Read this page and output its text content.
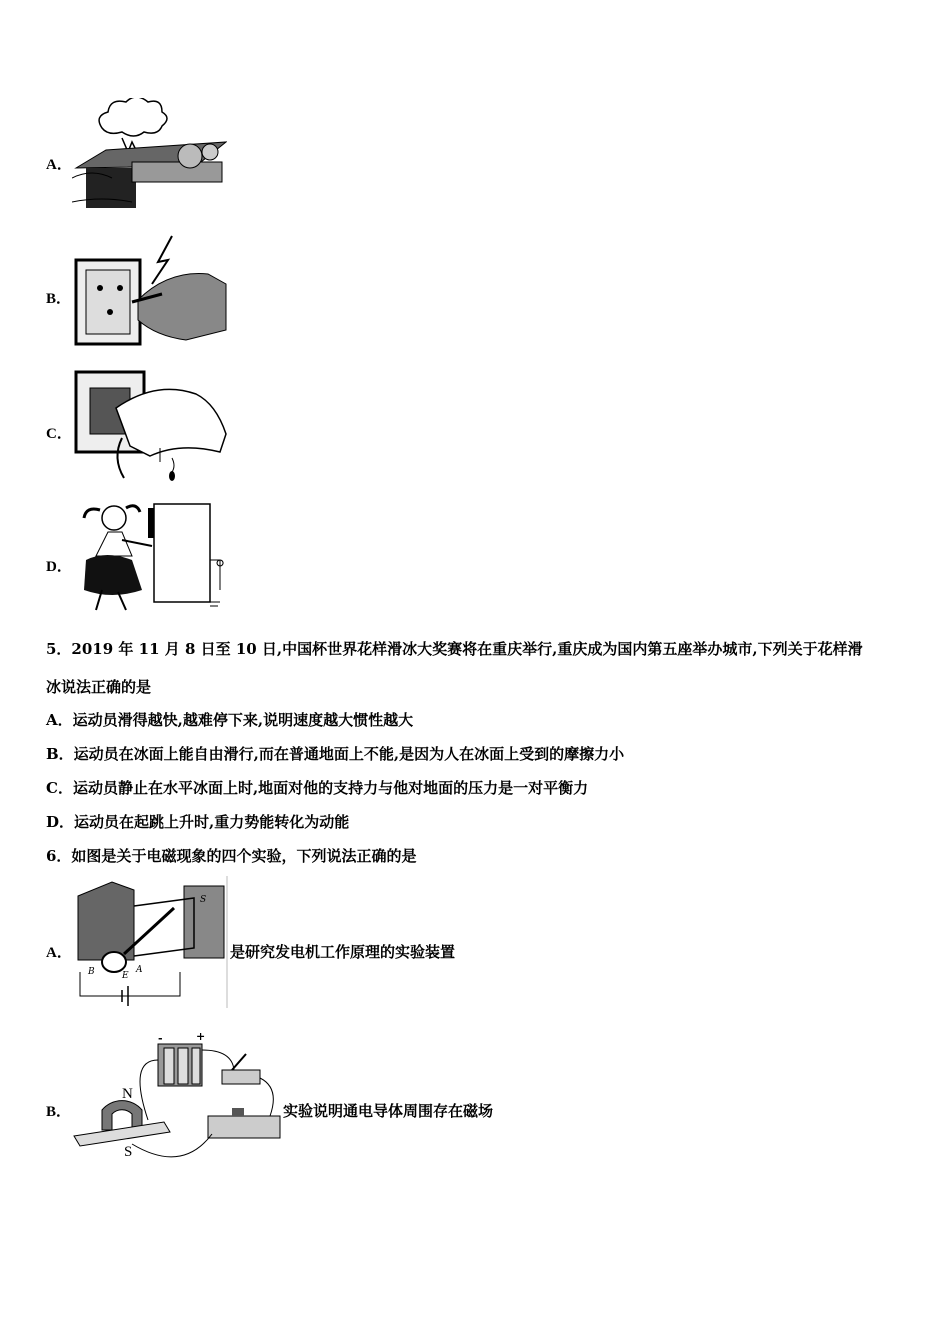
A．
B．
C．
D．
5．2019 年 11 月 8 日至 10 日,中国杯世界花样滑冰大奖赛将在重庆举行,重庆成为国内第五座举办城市,下列关于花样滑
冰说法正确的是
A．运动员滑得越快,越难停下来,说明速度越大惯性越大
B．运动员在冰面上能自由滑行,而在普通地面上不能,是因为人在冰面上受到的摩擦力小
C．运动员静止在水平冰面上时,地面对他的支持力与他对地面的压力是一对平衡力
D．运动员在起跳上升时,重力势能转化为动能
6．如图是关于电磁现象的四个实验，下列说法正确的是
A．
S
B	E
A
是研究发电机工作原理的实验装置
B．
N
S
-	+
实验说明通电导体周围存在磁场
